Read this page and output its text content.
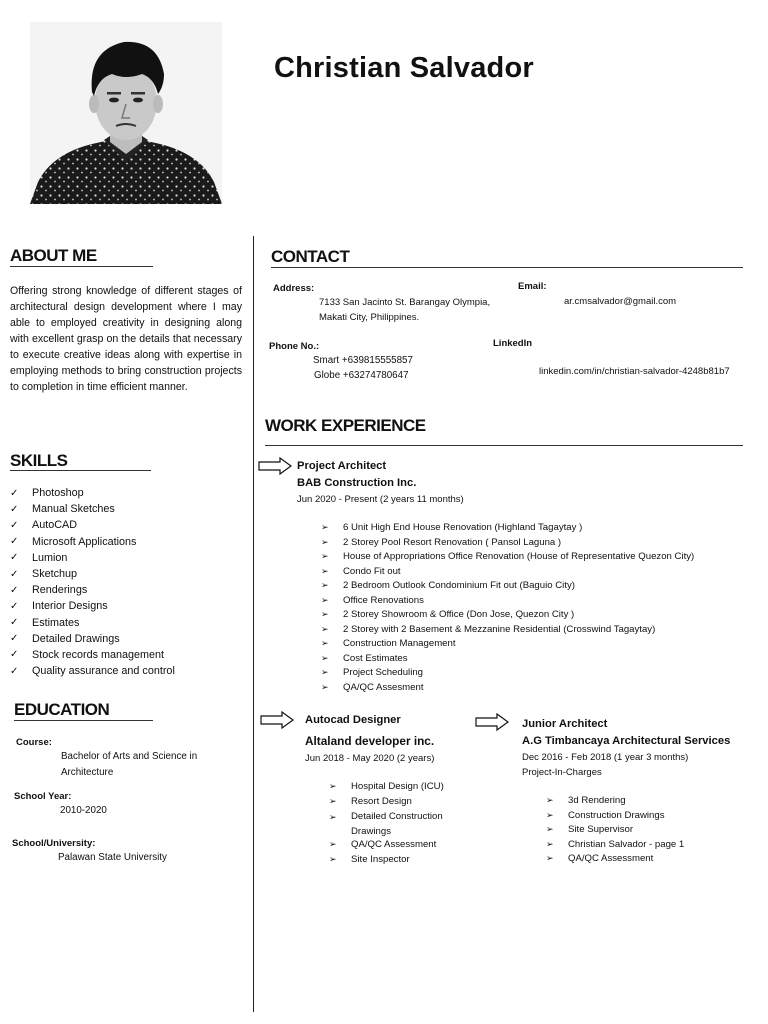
Christian Salvador
ABOUT ME
Offering strong knowledge of different stages of architectural design development where I may able to employed creativity in designing along with excellent grasp on the details that necessary to execute creative ideas along with expertise in employing methods to bring construction projects to completion in time efficient manner.
SKILLS
✓	Photoshop
✓	Manual Sketches
✓	AutoCAD
✓	Microsoft Applications
✓	Lumion
✓	Sketchup
✓	Renderings
✓	Interior Designs
✓	Estimates
✓	Detailed Drawings
✓	Stock records management
✓	Quality assurance and control
EDUCATION
Course:
Bachelor of Arts and Science in
Architecture
School Year:
2010-2020
School/University:
Palawan State University
CONTACT
Address:
7133 San Jacinto St. Barangay Olympia,
Makati City, Philippines.
Email:
ar.cmsalvador@gmail.com
Phone No.:
Smart +639815555857
Globe +63274780647
LinkedIn
linkedin.com/in/christian-salvador-4248b81b7
WORK EXPERIENCE
Project Architect
BAB Construction Inc.
Jun 2020 - Present (2 years 11 months)
➢	6 Unit High End House Renovation (Highland Tagaytay )
➢	2 Storey Pool Resort Renovation ( Pansol Laguna )
➢	House of Appropriations Office Renovation (House of Representative Quezon City)
➢	Condo Fit out
➢	2 Bedroom Outlook Condominium Fit out (Baguio City)
➢	Office Renovations
➢	2 Storey Showroom & Office (Don Jose, Quezon City )
➢	2 Storey with 2 Basement & Mezzanine Residential (Crosswind Tagaytay)
➢	Construction Management
➢	Cost Estimates
➢	Project Scheduling
➢	QA/QC Assesment
Autocad Designer
Altaland developer inc.
Jun 2018 - May 2020 (2 years)
➢	Hospital Design (ICU)
➢	Resort Design
➢	Detailed Construction Drawings
➢	QA/QC Assessment
➢	Site Inspector
Junior Architect
A.G Timbancaya Architectural Services
Dec 2016 - Feb 2018 (1 year 3 months)
Project-In-Charges
➢	3d Rendering
➢	Construction Drawings
➢	Site Supervisor
➢	Christian Salvador - page 1
➢	QA/QC Assessment
